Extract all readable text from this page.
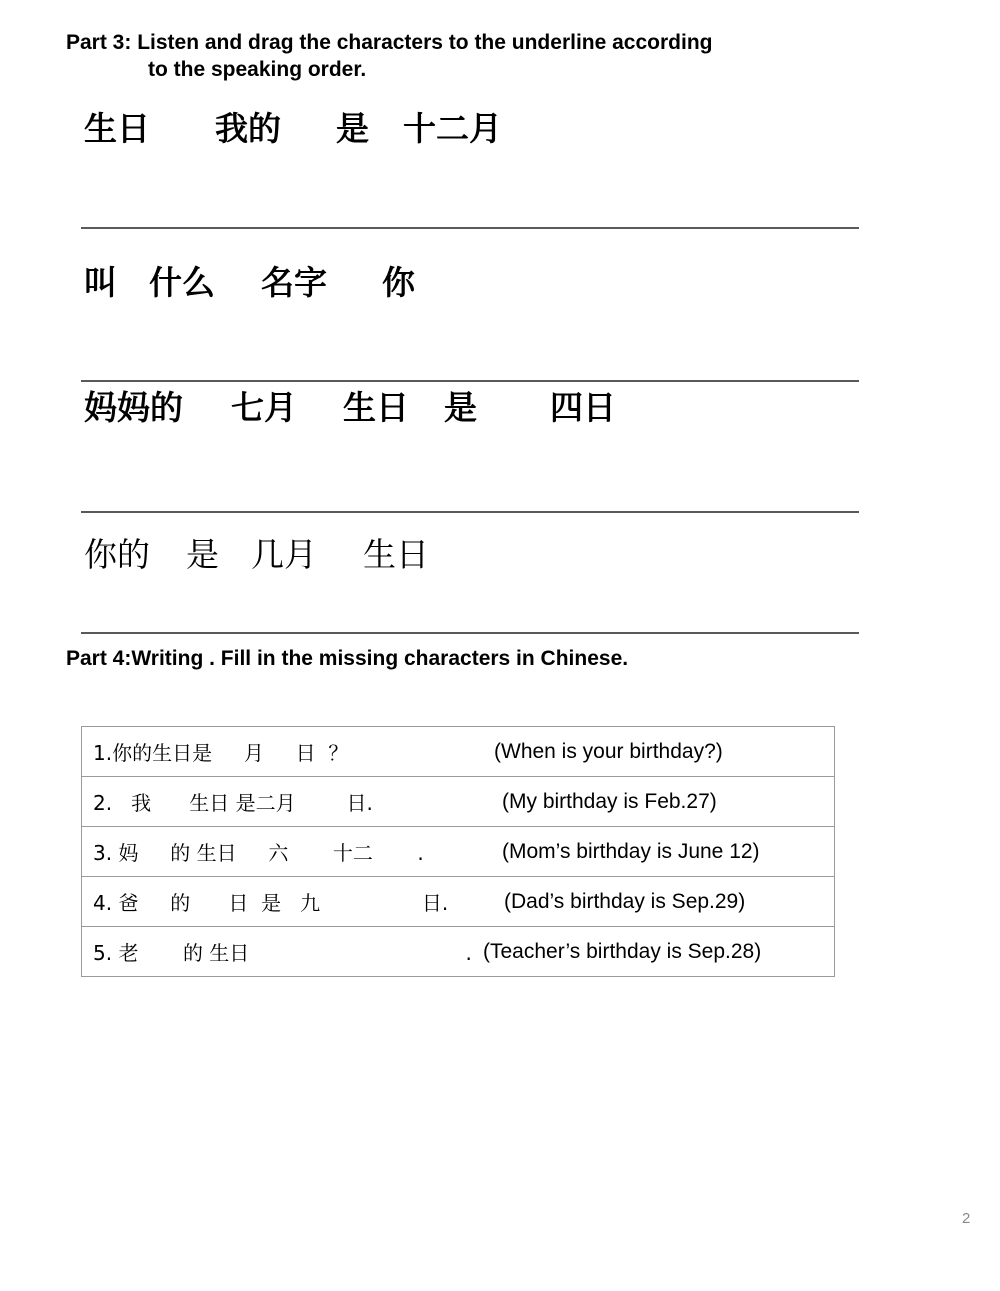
Part 3: Listen and drag the characters to the underline according
to the speaking order.
生日 我的 是 十二月
叫 什么 名字 你
妈妈的 七月 生日 是 四日
你的 是 几月 生日
Part 4:Writing . Fill in the missing characters in Chinese.
1.你的生日是     月     日  ？	(When is your birthday?)

2.   我      生日 是二月        日.	(My birthday is Feb.27)

3. 妈     的 生日     六       十二       .	(Mom’s birthday is June 12)

4. 爸     的      日  是   九                日.	(Dad’s birthday is Sep.29)

5. 老       的 生日                                  . (Teacher’s birthday is Sep.28)
2
